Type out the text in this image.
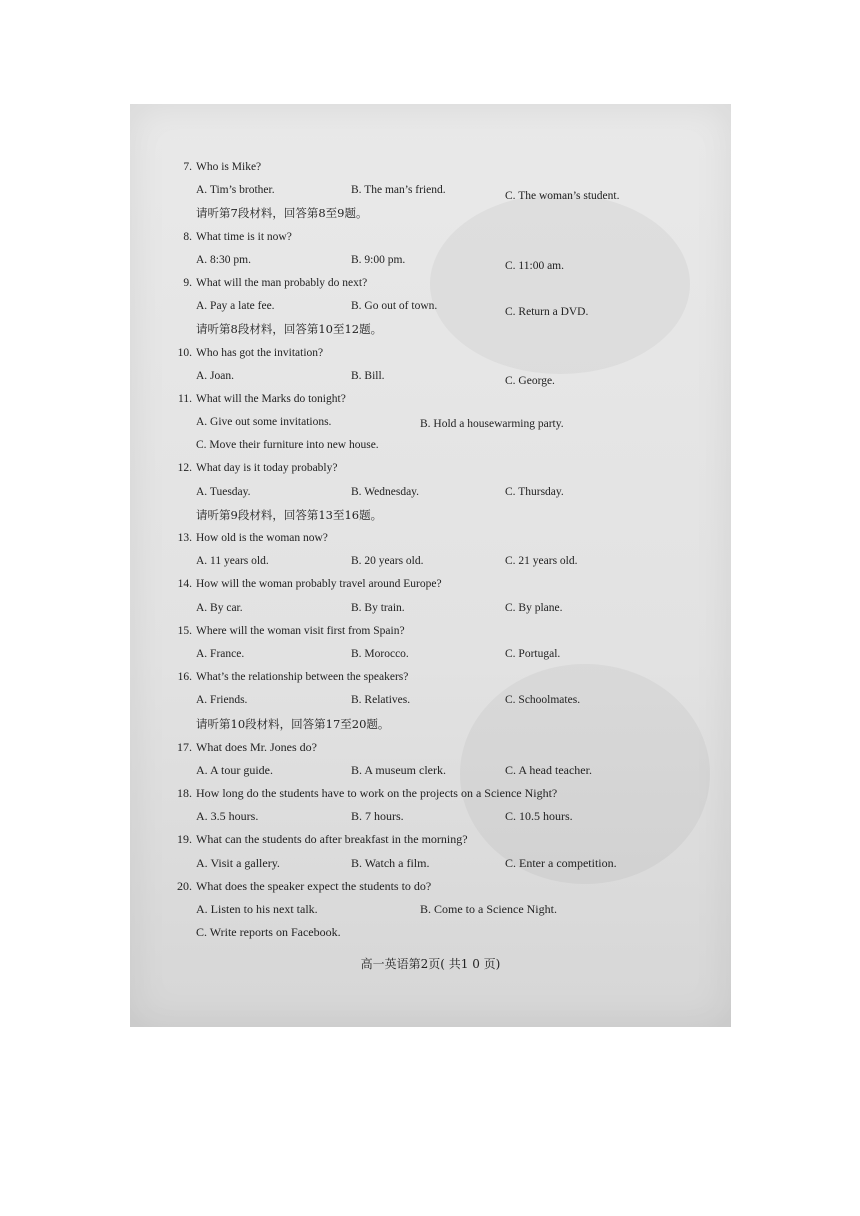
7. Who is Mike?
A. Tim’s brother.	B. The man’s friend.	C. The woman’s student.
请听第7段材料，回答第8至9题。
8. What time is it now?
A. 8:30 pm.	B. 9:00 pm.	C. 11:00 am.
9. What will the man probably do next?
A. Pay a late fee.	B. Go out of town.	C. Return a DVD.
请听第8段材料，回答第10至12题。
10. Who has got the invitation?
A. Joan.	B. Bill.	C. George.
11. What will the Marks do tonight?
A. Give out some invitations.	B. Hold a housewarming party.
C. Move their furniture into new house.
12. What day is it today probably?
A. Tuesday.	B. Wednesday.	C. Thursday.
请听第9段材料，回答第13至16题。
13. How old is the woman now?
A. 11 years old.	B. 20 years old.	C. 21 years old.
14. How will the woman probably travel around Europe?
A. By car.	B. By train.	C. By plane.
15. Where will the woman visit first from Spain?
A. France.	B. Morocco.	C. Portugal.
16. What’s the relationship between the speakers?
A. Friends.	B. Relatives.	C. Schoolmates.
请听第10段材料，回答第17至20题。
17. What does Mr. Jones do?
A. A tour guide.	B. A museum clerk.	C. A head teacher.
18. How long do the students have to work on the projects on a Science Night?
A. 3.5 hours.	B. 7 hours.	C. 10.5 hours.
19. What can the students do after breakfast in the morning?
A. Visit a gallery.	B. Watch a film.	C. Enter a competition.
20. What does the speaker expect the students to do?
A. Listen to his next talk.	B. Come to a Science Night.
C. Write reports on Facebook.
高一英语第2页( 共1 0 页)
